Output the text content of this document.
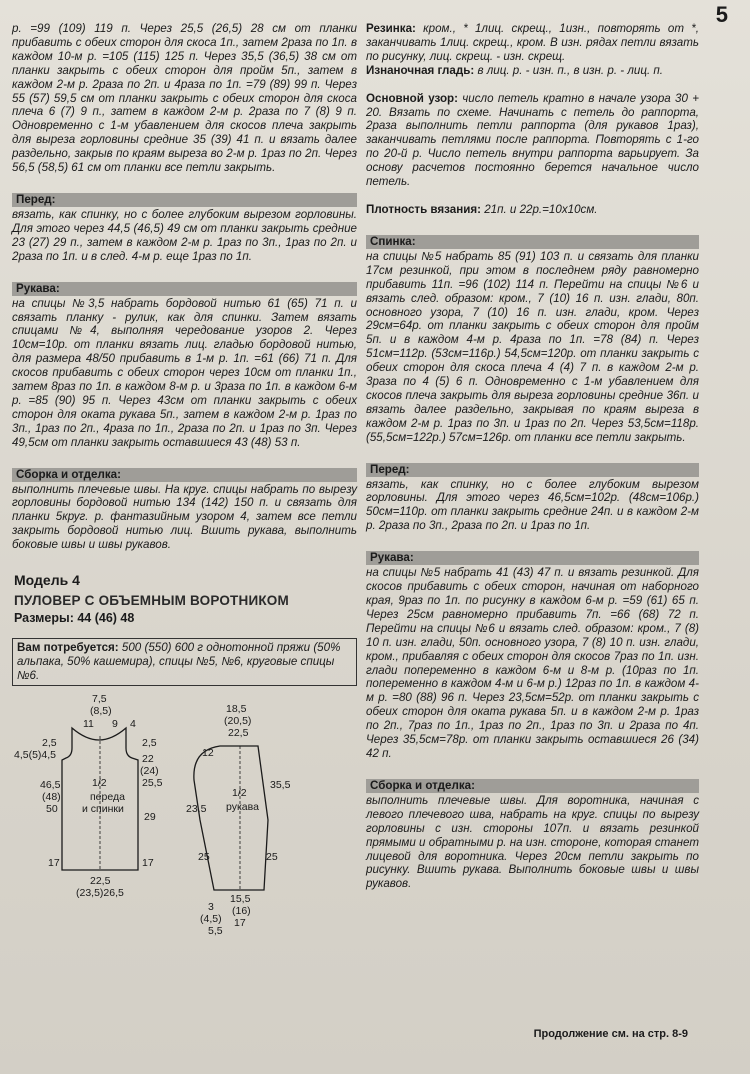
5

р. =99 (109) 119 п. Через 25,5 (26,5) 28 см от планки прибавить с обеих сторон для скоса 1п., затем 2раза по 1п. в каждом 10-м р. =105 (115) 125 п. Через 35,5 (36,5) 38 см от планки закрыть с обеих сторон для пройм 5п., затем в каждом 2-м р. 2раза по 2п. и 4раза по 1п. =79 (89) 99 п. Через 55 (57) 59,5 см от планки закрыть с обеих сторон для скоса плеча 6 (7) 9 п., затем в каждом 2-м р. 2раза по 7 (8) 9 п. Одновременно с 1-м убавлением для скосов плеча закрыть для выреза горловины средние 35 (39) 41 п. и вязать далее раздельно, закрыв по краям выреза во 2-м р. 1раз по 2п. Через 56,5 (58,5) 61 см от планки все петли закрыть.

Перед:

вязать, как спинку, но с более глубоким вырезом горловины. Для этого через 44,5 (46,5) 49 см от планки закрыть средние 23 (27) 29 п., затем в каждом 2-м р. 1раз по 3п., 1раз по 2п. и 2раза по 1п. и в след. 4-м р. еще 1раз по 1п.

Рукава:

на спицы №3,5 набрать бордовой нитью 61 (65) 71 п. и связать планку - рулик, как для спинки. Затем вязать спицами №4, выполняя чередование узоров 2. Через 10см=10р. от планки вязать лиц. гладью бордовой нитью, для размера 48/50 прибавить в 1-м р. 1п. =61 (66) 71 п. Для скосов прибавить с обеих сторон через 10см от планки 1п., затем 8раз по 1п. в каждом 8-м р. и 3раза по 1п. в каждом 6-м р. =85 (90) 95 п. Через 43см от планки закрыть с обеих сторон для оката рукава 5п., затем в каждом 2-м р. 1раз по 3п., 1раз по 2п., 4раза по 1п., 2раза по 2п. и 1раз по 3п. Через 49,5см от планки закрыть оставшиеся 43 (48) 53 п.

Сборка и отделка:

выполнить плечевые швы. На круг. спицы набрать по вырезу горловины бордовой нитью 134 (142) 150 п. и связать для планки 5круг. р. фантазийным узором 4, затем все петли закрыть бордовой нитью лиц. Вшить рукава, выполнить боковые швы и швы рукавов.

Модель 4
ПУЛОВЕР С ОБЪЕМНЫМ ВОРОТНИКОМ
Размеры: 44 (46) 48
Вам потребуется: 500 (550) 600 г однотонной пряжи (50% альпака, 50% кашемира), спицы №5, №6, круговые спицы №6.
7,5
(8,5)
11	4
9
2,5
4,5(5)4,5
2,5
22
(24)
25,5
46,5
(48)
50
1/2
переда
и спинки
29
17	17
22,5
(23,5)26,5
18,5
(20,5)
22,5
12
35,5
23,5
1/2
рукава
25	25
15,5
(16)
17
3
(4,5)
5,5

Резинка: кром., * 1лиц. скрещ., 1изн., повторять от *, заканчивать 1лиц. скрещ., кром. В изн. рядах петли вязать по рисунку, лиц. скрещ. - изн. скрещ.

Изнаночная гладь: в лиц. р. - изн. п., в изн. р. - лиц. п.

Основной узор: число петель кратно в начале узора 30 + 20. Вязать по схеме. Начинать с петель до раппорта, 2раза выполнить петли раппорта (для рукавов 1раз), заканчивать петлями после раппорта. Повторять с 1-го по 20-й р. Число петель внутри раппорта варьирует. За основу расчетов постоянно берется начальное число петель.

Плотность вязания: 21п. и 22р.=10х10см.

Спинка:

на спицы №5 набрать 85 (91) 103 п. и связать для планки 17см резинкой, при этом в последнем ряду равномерно прибавить 11п. =96 (102) 114 п. Перейти на спицы №6 и вязать след. образом: кром., 7 (10) 16 п. изн. глади, 80п. основного узора, 7 (10) 16 п. изн. глади, кром. Через 29см=64р. от планки закрыть с обеих сторон для пройм 5п. и в каждом 4-м р. 4раза по 1п. =78 (84) п. Через 51см=112р. (53см=116р.) 54,5см=120р. от планки закрыть с обеих сторон для скоса плеча 4 (4) 7 п. в каждом 2-м р. 3раза по 4 (5) 6 п. Одновременно с 1-м убавлением для скосов плеча закрыть для выреза горловины средние 36п. и вязать далее раздельно, закрывая по краям выреза в каждом 2-м р. 1раз по 3п. и 1раз по 2п. Через 53,5см=118р. (55,5см=122р.) 57см=126р. от планки все петли закрыть.

Перед:

вязать, как спинку, но с более глубоким вырезом горловины. Для этого через 46,5см=102р. (48см=106р.) 50см=110р. от планки закрыть средние 24п. и в каждом 2-м р. 2раза по 3п., 2раза по 2п. и 1раз по 1п.

Рукава:

на спицы №5 набрать 41 (43) 47 п. и вязать резинкой. Для скосов прибавить с обеих сторон, начиная от наборного края, 9раз по 1п. по рисунку в каждом 6-м р. =59 (61) 65 п. Через 25см равномерно прибавить 7п. =66 (68) 72 п. Перейти на спицы №6 и вязать след. образом: кром., 7 (8) 10 п. изн. глади, 50п. основного узора, 7 (8) 10 п. изн. глади, кром., прибавляя с обеих сторон для скосов 7раз по 1п. изн. глади попеременно в каждом 6-м и 8-м р. (10раз по 1п. попеременно в каждом 4-м и 6-м р.) 12раз по 1п. в каждом 4-м р. =80 (88) 96 п. Через 23,5см=52р. от планки закрыть с обеих сторон для оката рукава 5п. и в каждом 2-м р. 1раз по 2п., 7раз по 1п., 1раз по 2п., 1раз по 3п. и 2раза по 4п. Через 35,5см=78р. от планки закрыть оставшиеся 26 (34) 42 п.

Сборка и отделка:

выполнить плечевые швы. Для воротника, начиная с левого плечевого шва, набрать на круг. спицы по вырезу горловины с изн. стороны 107п. и вязать резинкой прямыми и обратными р. на изн. стороне, которая станет лицевой для воротника. Через 20см петли закрыть по рисунку. Вшить рукава. Выполнить боковые швы и швы рукавов.

Продолжение см. на стр. 8-9
